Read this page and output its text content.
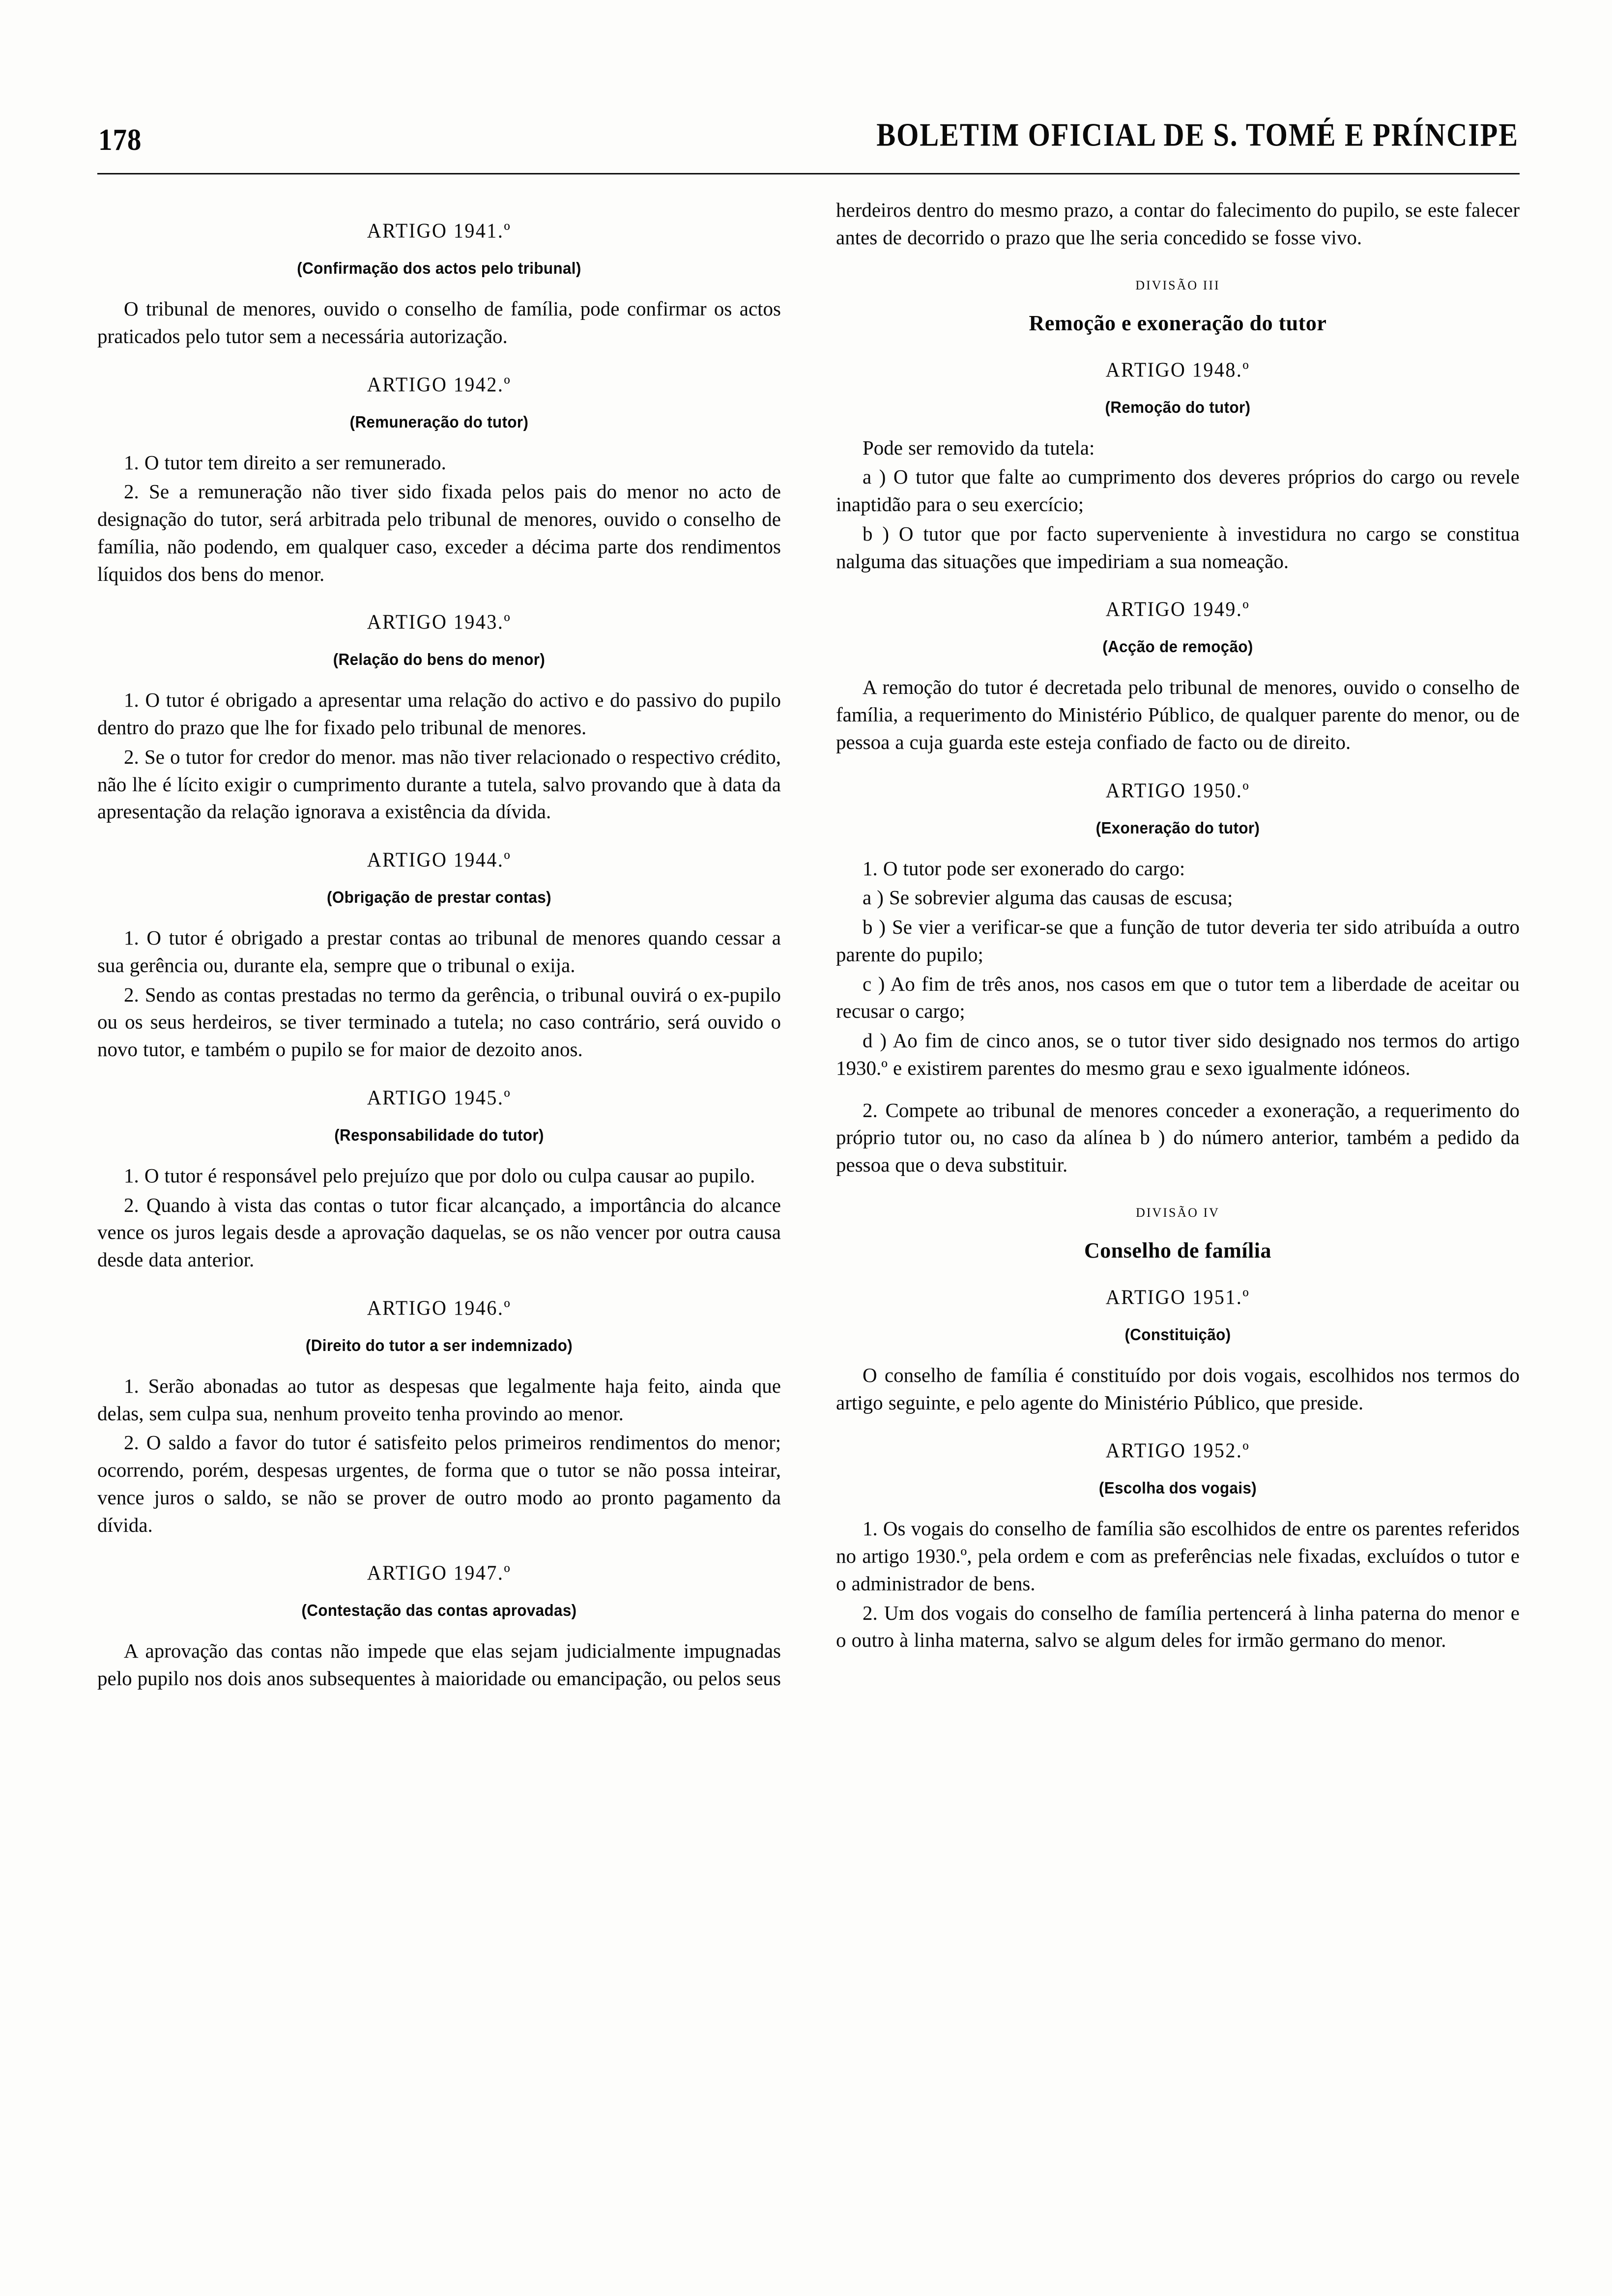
178	BOLETIM OFICIAL DE S. TOMÉ E PRÍNCIPE
ARTIGO 1941.º
(Confirmação dos actos pelo tribunal)

O tribunal de menores, ouvido o conselho de família, pode confirmar os actos praticados pelo tutor sem a necessária autorização.

ARTIGO 1942.º
(Remuneração do tutor)

1. O tutor tem direito a ser remunerado.

2. Se a remuneração não tiver sido fixada pelos pais do menor no acto de designação do tutor, será arbitrada pelo tribunal de menores, ouvido o conselho de família, não podendo, em qualquer caso, exceder a décima parte dos rendimentos líquidos dos bens do menor.

ARTIGO 1943.º
(Relação do bens do menor)

1. O tutor é obrigado a apresentar uma relação do activo e do passivo do pupilo dentro do prazo que lhe for fixado pelo tribunal de menores.

2. Se o tutor for credor do menor. mas não tiver relacionado o respectivo crédito, não lhe é lícito exigir o cumprimento durante a tutela, salvo provando que à data da apresentação da relação ignorava a existência da dívida.

ARTIGO 1944.º
(Obrigação de prestar contas)

1. O tutor é obrigado a prestar contas ao tribunal de menores quando cessar a sua gerência ou, durante ela, sempre que o tribunal o exija.

2. Sendo as contas prestadas no termo da gerência, o tribunal ouvirá o ex-pupilo ou os seus herdeiros, se tiver terminado a tutela; no caso contrário, será ouvido o novo tutor, e também o pupilo se for maior de dezoito anos.

ARTIGO 1945.º
(Responsabilidade do tutor)

1. O tutor é responsável pelo prejuízo que por dolo ou culpa causar ao pupilo.

2. Quando à vista das contas o tutor ficar alcançado, a importância do alcance vence os juros legais desde a aprovação daquelas, se os não vencer por outra causa desde data anterior.

ARTIGO 1946.º
(Direito do tutor a ser indemnizado)

1. Serão abonadas ao tutor as despesas que legalmente haja feito, ainda que delas, sem culpa sua, nenhum proveito tenha provindo ao menor.

2. O saldo a favor do tutor é satisfeito pelos primeiros rendimentos do menor; ocorrendo, porém, despesas urgentes, de forma que o tutor se não possa inteirar, vence juros o saldo, se não se prover de outro modo ao pronto pagamento da dívida.

ARTIGO 1947.º
(Contestação das contas aprovadas)

A aprovação das contas não impede que elas sejam judicialmente impugnadas pelo pupilo nos dois anos subsequentes à maioridade ou emancipação, ou pelos seus

herdeiros dentro do mesmo prazo, a contar do falecimento do pupilo, se este falecer antes de decorrido o prazo que lhe seria concedido se fosse vivo.

DIVISÃO III
Remoção e exoneração do tutor
ARTIGO 1948.º
(Remoção do tutor)

Pode ser removido da tutela:

a ) O tutor que falte ao cumprimento dos deveres próprios do cargo ou revele inaptidão para o seu exercício;

b ) O tutor que por facto superveniente à investidura no cargo se constitua nalguma das situações que impediriam a sua nomeação.

ARTIGO 1949.º
(Acção de remoção)

A remoção do tutor é decretada pelo tribunal de menores, ouvido o conselho de família, a requerimento do Ministério Público, de qualquer parente do menor, ou de pessoa a cuja guarda este esteja confiado de facto ou de direito.

ARTIGO 1950.º
(Exoneração do tutor)

1. O tutor pode ser exonerado do cargo:

a ) Se sobrevier alguma das causas de escusa;

b ) Se vier a verificar-se que a função de tutor deveria ter sido atribuída a outro parente do pupilo;

c ) Ao fim de três anos, nos casos em que o tutor tem a liberdade de aceitar ou recusar o cargo;

d ) Ao fim de cinco anos, se o tutor tiver sido designado nos termos do artigo 1930.º e existirem parentes do mesmo grau e sexo igualmente idóneos.

2. Compete ao tribunal de menores conceder a exoneração, a requerimento do próprio tutor ou, no caso da alínea b ) do número anterior, também a pedido da pessoa que o deva substituir.

DIVISÃO IV
Conselho de família
ARTIGO 1951.º
(Constituição)

O conselho de família é constituído por dois vogais, escolhidos nos termos do artigo seguinte, e pelo agente do Ministério Público, que preside.

ARTIGO 1952.º
(Escolha dos vogais)

1. Os vogais do conselho de família são escolhidos de entre os parentes referidos no artigo 1930.º, pela ordem e com as preferências nele fixadas, excluídos o tutor e o administrador de bens.

2. Um dos vogais do conselho de família pertencerá à linha paterna do menor e o outro à linha materna, salvo se algum deles for irmão germano do menor.
